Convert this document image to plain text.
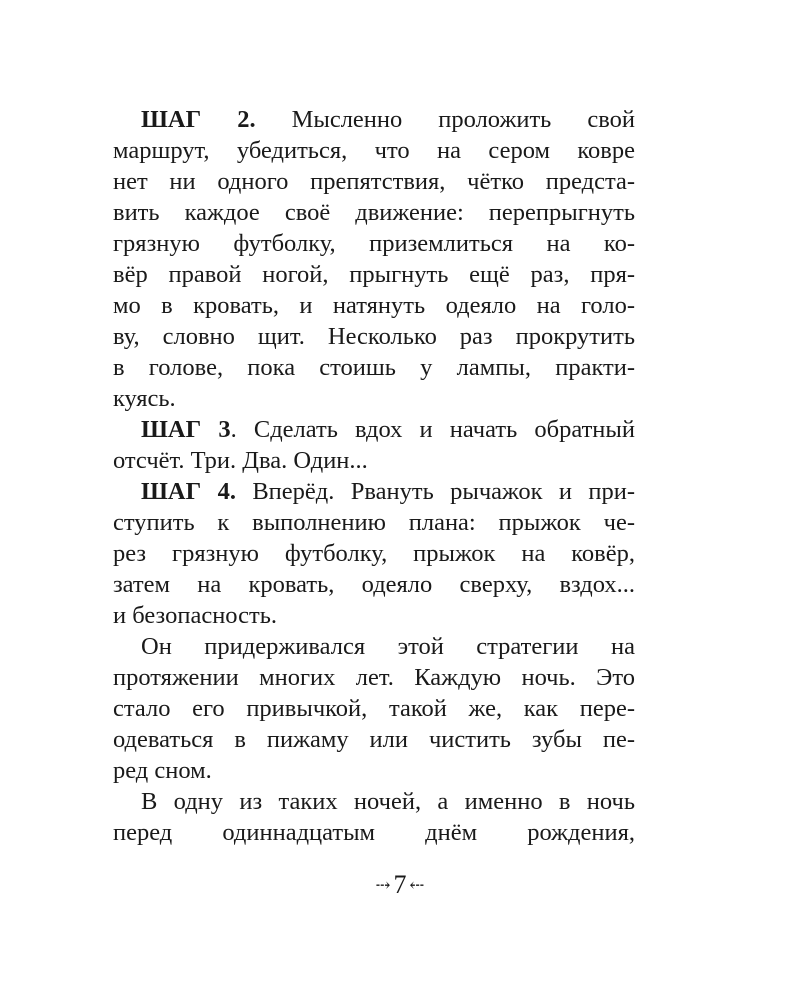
ШАГ 2. Мысленно проложить свой
маршрут, убедиться, что на сером ковре
нет ни одного препятствия, чётко предста-
вить каждое своё движение: перепрыгнуть
грязную футболку, приземлиться на ко-
вёр правой ногой, прыгнуть ещё раз, пря-
мо в кровать, и натянуть одеяло на голо-
ву, словно щит. Несколько раз прокрутить
в голове, пока стоишь у лампы, практи-
куясь.
ШАГ 3. Сделать вдох и начать обратный
отсчёт. Три. Два. Один...
ШАГ 4. Вперёд. Рвануть рычажок и при-
ступить к выполнению плана: прыжок че-
рез грязную футболку, прыжок на ковёр,
затем на кровать, одеяло сверху, вздох...
и безопасность.
Он придерживался этой стратегии на
протяжении многих лет. Каждую ночь. Это
стало его привычкой, такой же, как пере-
одеваться в пижаму или чистить зубы пе-
ред сном.
В одну из таких ночей, а именно в ночь
перед одиннадцатым днём рождения,
⤏ 7 ⤎
